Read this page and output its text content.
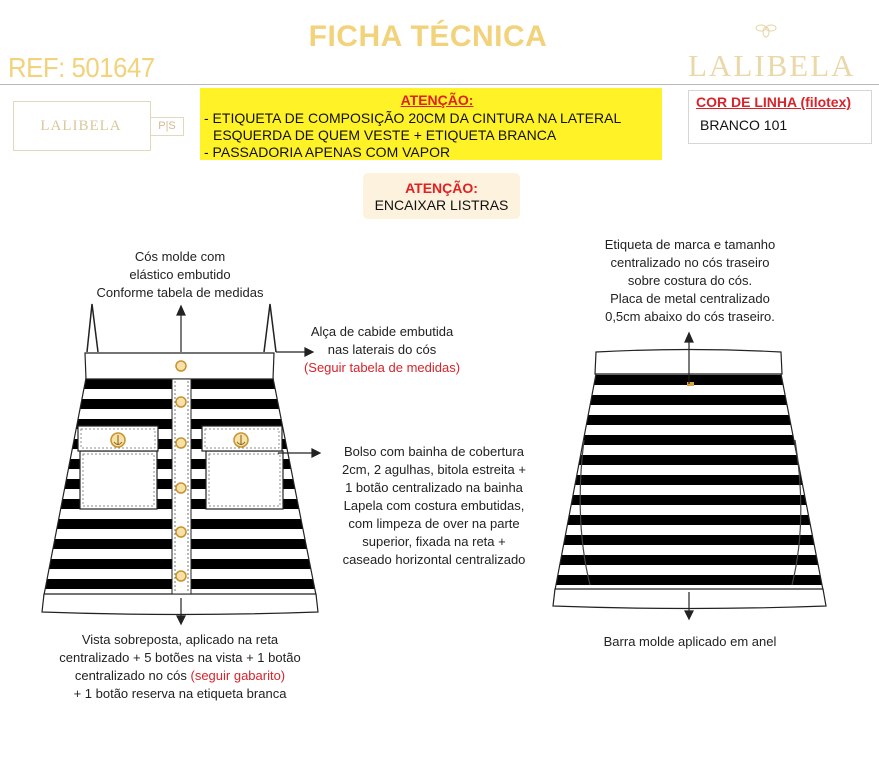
FICHA TÉCNICA
REF: 501647	LALIBELA
LALIBELA	P|S
ATENÇÃO:
- ETIQUETA DE COMPOSIÇÃO 20CM DA CINTURA NA LATERAL
ESQUERDA DE QUEM VESTE + ETIQUETA BRANCA
- PASSADORIA APENAS COM VAPOR
COR DE LINHA (filotex)
BRANCO 101
ATENÇÃO:
ENCAIXAR LISTRAS
Cós molde com
elástico embutido
Conforme tabela de medidas
Alça de cabide embutida
nas laterais do cós
(Seguir tabela de medidas)
Bolso com bainha de cobertura
2cm, 2 agulhas, bitola estreita +
1 botão centralizado na bainha
Lapela com costura embutidas,
com limpeza de over na parte
superior, fixada na reta +
caseado horizontal centralizado
Vista sobreposta, aplicado na reta
centralizado + 5 botões na vista + 1 botão
centralizado no cós (seguir gabarito)
+ 1 botão reserva na etiqueta branca
Etiqueta de marca e tamanho
centralizado no cós traseiro
sobre costura do cós.
Placa de metal centralizado
0,5cm abaixo do cós traseiro.
Barra molde aplicado em anel
